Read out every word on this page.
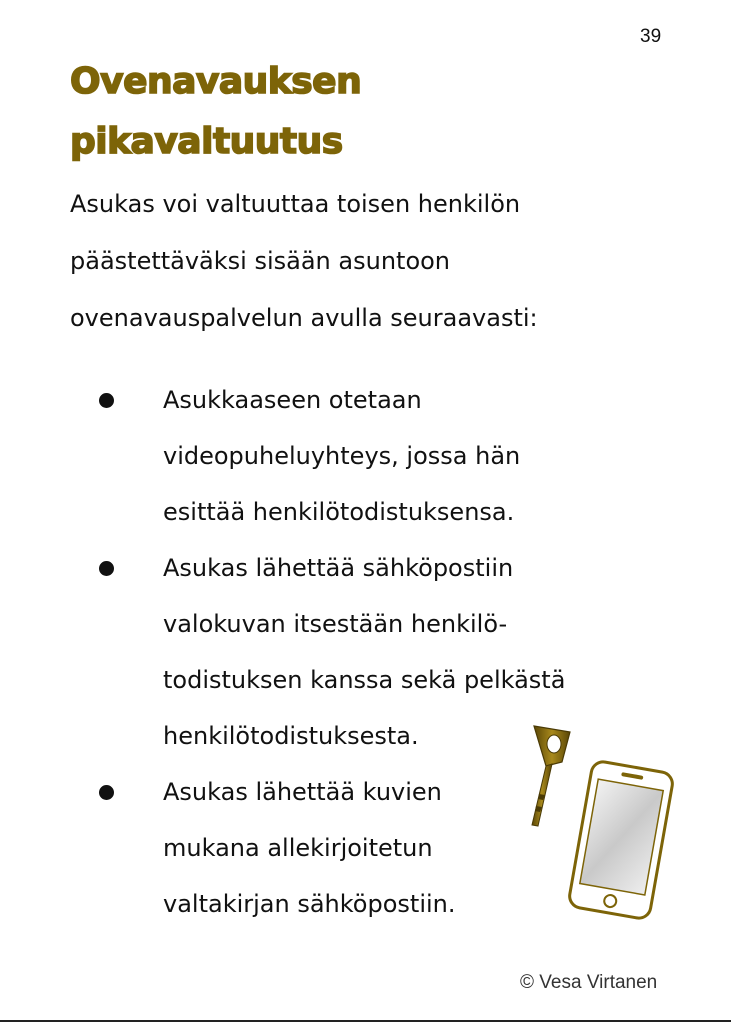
39
Ovenavauksen
pikavaltuutus

Asukas voi valtuuttaa toisen henkilön päästettäväksi sisään asuntoon ovenavauspalvelun avulla seuraavasti:

Asukkaaseen otetaan
videopuheluyhteys, jossa hän
esittää henkilötodistuksensa.
Asukas lähettää sähköpostiin
valokuvan itsestään henkilö-
todistuksen kanssa sekä pelkästä
henkilötodistuksesta.
Asukas lähettää kuvien
mukana allekirjoitetun
valtakirjan sähköpostiin.
© Vesa Virtanen
